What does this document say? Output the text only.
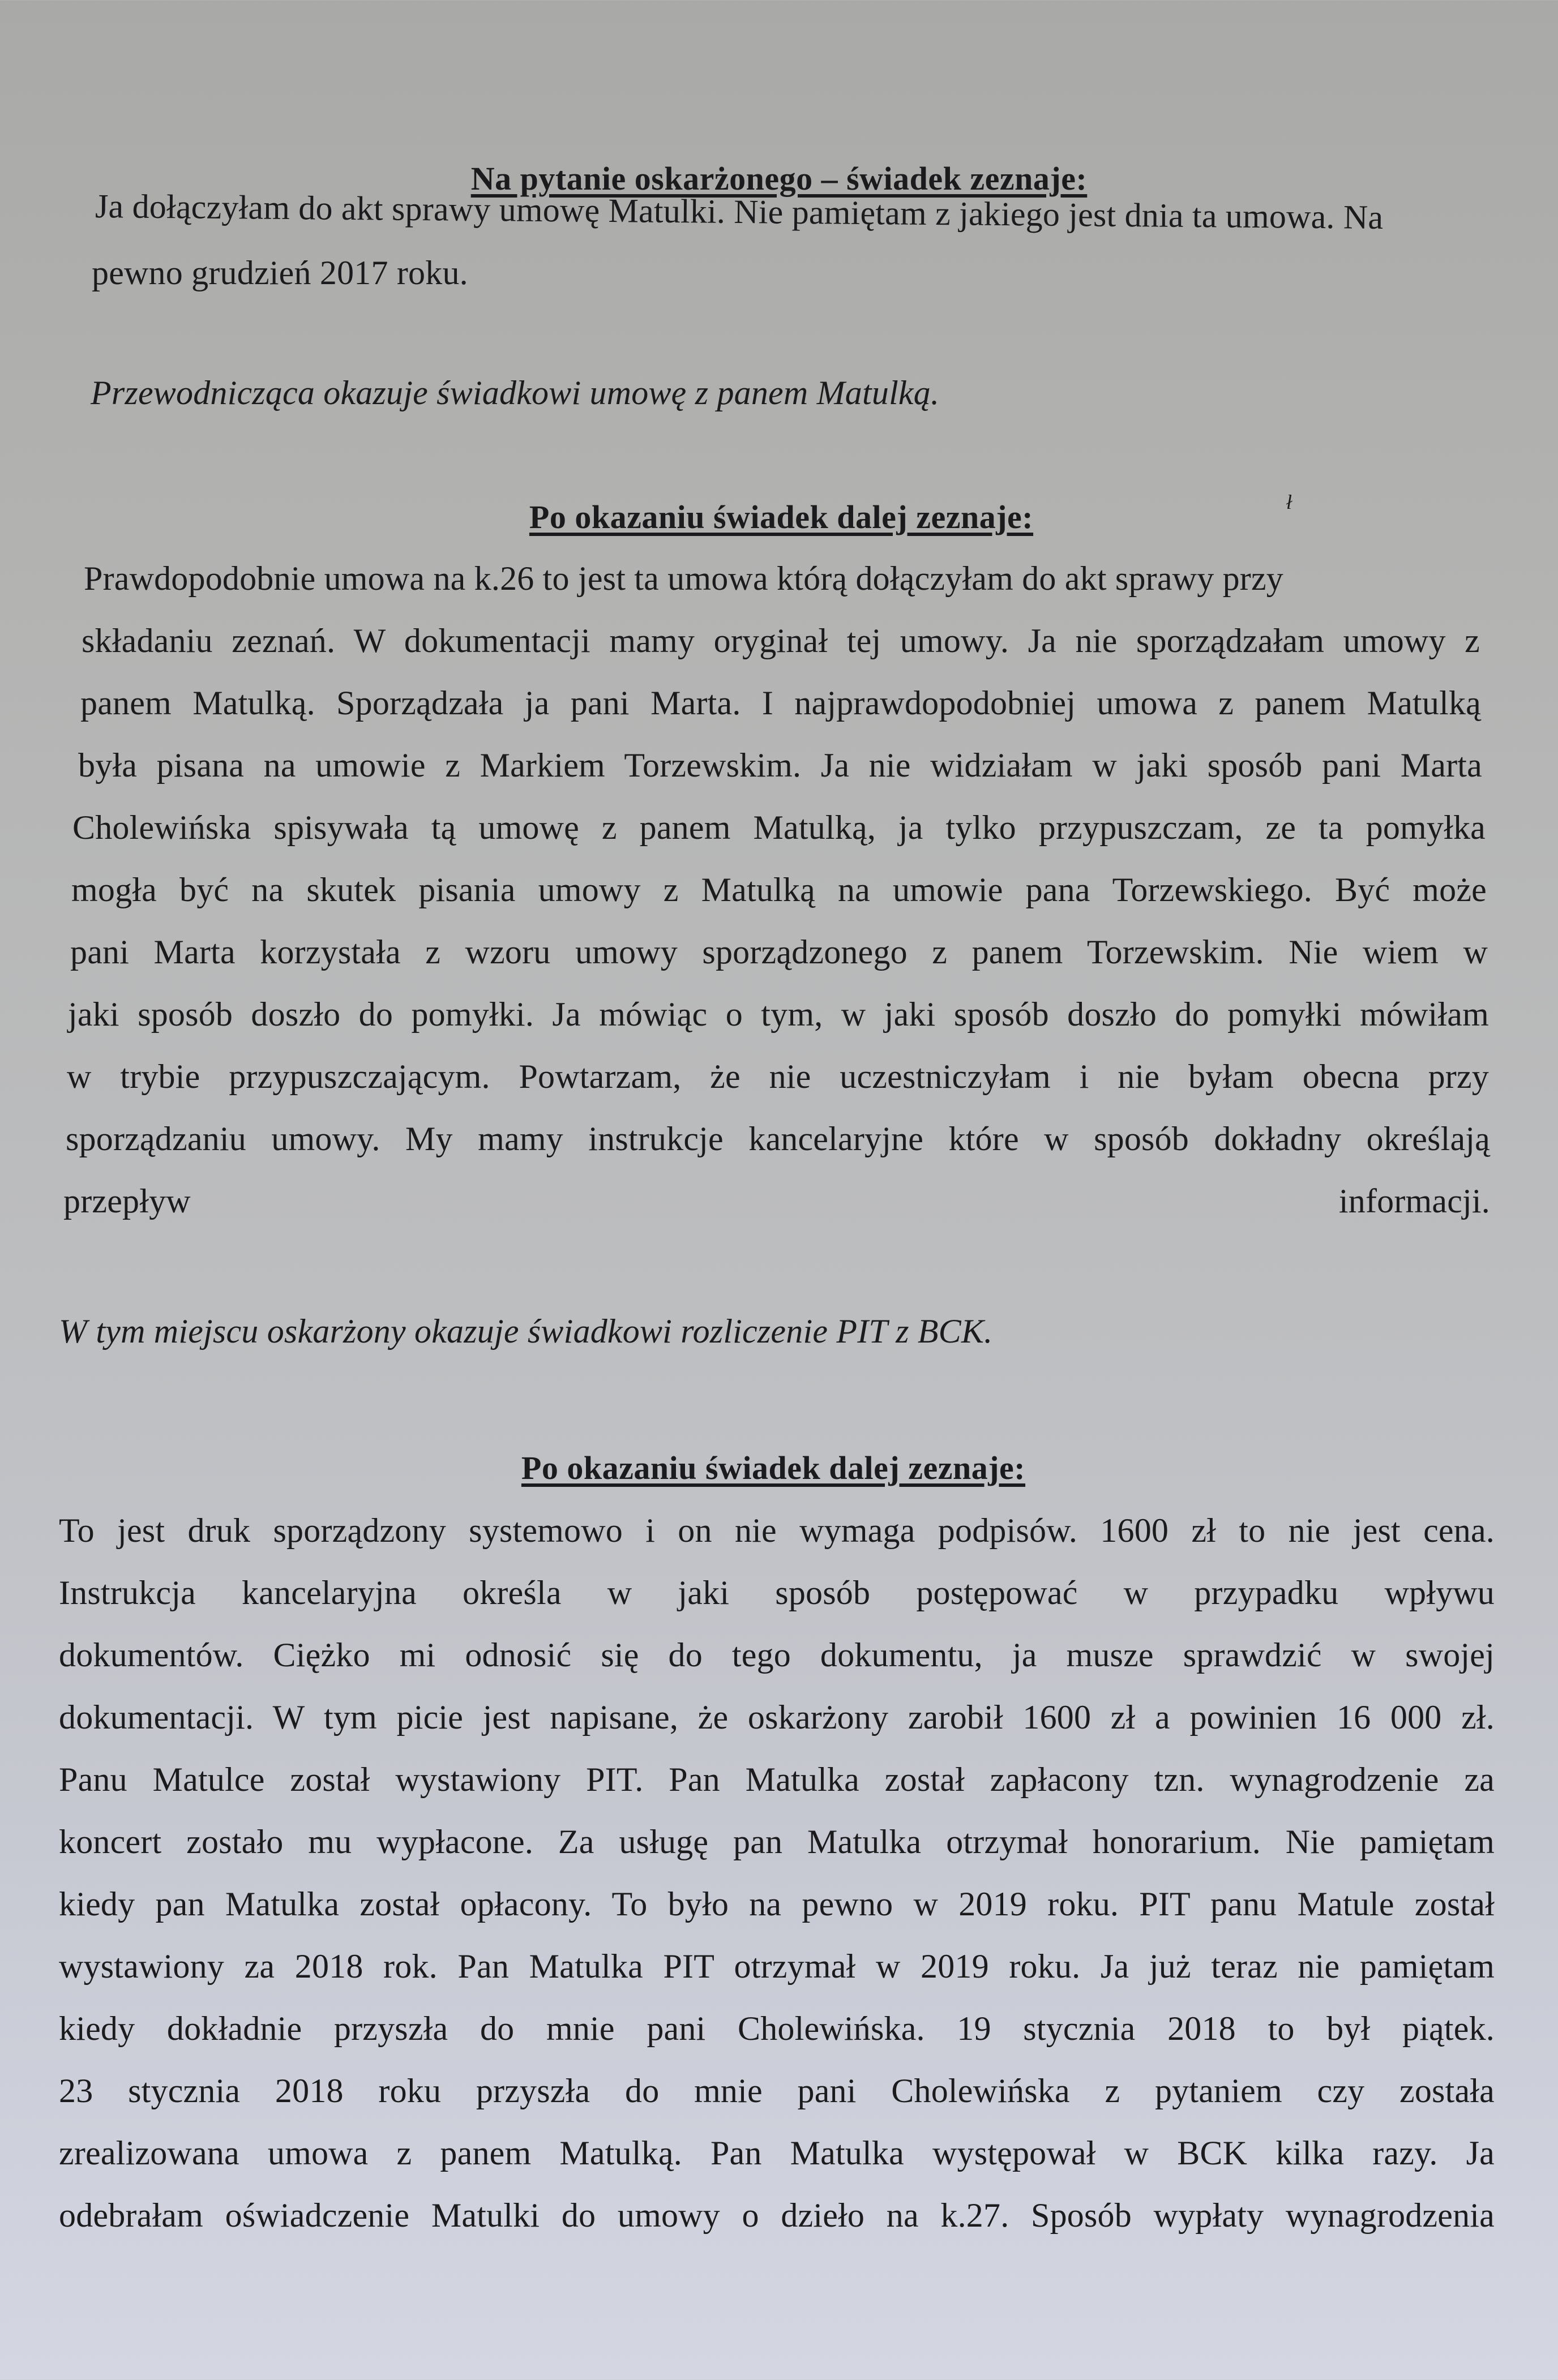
Na pytanie oskarżonego – świadek zeznaje:
Ja dołączyłam do akt sprawy umowę Matulki. Nie pamiętam z jakiego jest dnia ta umowa. Na
pewno grudzień 2017 roku.
Przewodnicząca okazuje świadkowi umowę z panem Matulką.
ł
Po okazaniu świadek dalej zeznaje:
Prawdopodobnie umowa na k.26 to jest ta umowa którą dołączyłam do akt sprawy przy
składaniu zeznań. W dokumentacji mamy oryginał tej umowy. Ja nie sporządzałam umowy z
panem Matulką. Sporządzała ja pani Marta. I najprawdopodobniej umowa z panem Matulką
była pisana na umowie z Markiem Torzewskim. Ja nie widziałam w jaki sposób pani Marta
Cholewińska spisywała tą umowę z panem Matulką, ja tylko przypuszczam, ze ta pomyłka
mogła być na skutek pisania umowy z Matulką na umowie pana Torzewskiego. Być może
pani Marta korzystała z wzoru umowy sporządzonego z panem Torzewskim. Nie wiem w
jaki sposób doszło do pomyłki. Ja mówiąc o tym, w jaki sposób doszło do pomyłki mówiłam
w trybie przypuszczającym. Powtarzam, że nie uczestniczyłam i nie byłam obecna przy
sporządzaniu umowy. My mamy instrukcje kancelaryjne które w sposób dokładny określają
przepływ	informacji.
W tym miejscu oskarżony okazuje świadkowi rozliczenie PIT z BCK.
Po okazaniu świadek dalej zeznaje:
To jest druk sporządzony systemowo i on nie wymaga podpisów. 1600 zł to nie jest cena.
Instrukcja kancelaryjna określa w jaki sposób postępować w przypadku wpływu
dokumentów. Ciężko mi odnosić się do tego dokumentu, ja musze sprawdzić w swojej
dokumentacji. W tym picie jest napisane, że oskarżony zarobił 1600 zł a powinien 16 000 zł.
Panu Matulce został wystawiony PIT. Pan Matulka został zapłacony tzn. wynagrodzenie za
koncert zostało mu wypłacone. Za usługę pan Matulka otrzymał honorarium. Nie pamiętam
kiedy pan Matulka został opłacony. To było na pewno w 2019 roku. PIT panu Matule został
wystawiony za 2018 rok. Pan Matulka PIT otrzymał w 2019 roku. Ja już teraz nie pamiętam
kiedy dokładnie przyszła do mnie pani Cholewińska. 19 stycznia 2018 to był piątek.
23 stycznia 2018 roku przyszła do mnie pani Cholewińska z pytaniem czy została
zrealizowana umowa z panem Matulką. Pan Matulka występował w BCK kilka razy. Ja
odebrałam oświadczenie Matulki do umowy o dzieło na k.27. Sposób wypłaty wynagrodzenia
